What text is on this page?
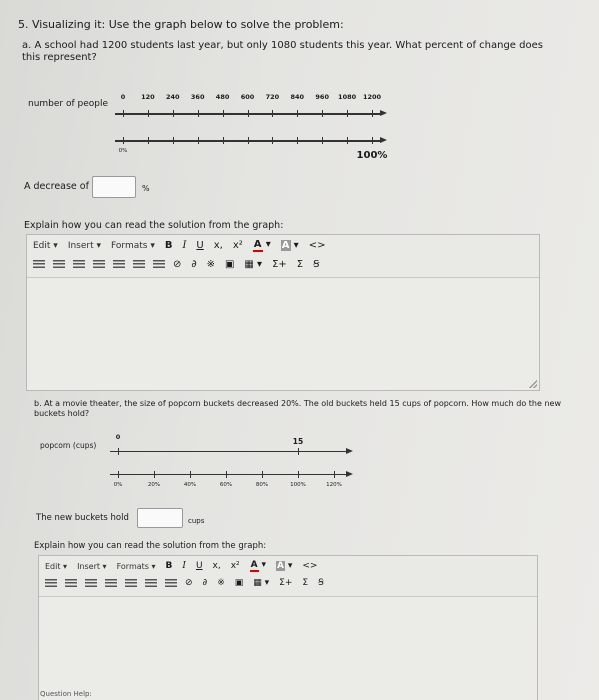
5. Visualizing it: Use the graph below to solve the problem:
a. A school had 1200 students last year, but only 1080 students this year. What percent of change does this represent?
number of people
0 120 240 360 480 600 720 840 960 1080 1200
0%	100%
A decrease of	%
Explain how you can read the solution from the graph:
Edit ▾ Insert ▾ Formats ▾ B I U x, x² A ▾ A ▾ <>
⊘ ∂ ※ ▣ ▦ ▾ Σ+ Σ Ꞩ
b. At a movie theater, the size of popcorn buckets decreased 20%. The old buckets held 15 cups of popcorn. How much do the new buckets hold?
popcorn (cups)
0	15
0%	20%	40%	60%	80%	100%	120%
The new buckets hold	cups
Explain how you can read the solution from the graph:
Edit ▾ Insert ▾ Formats ▾ B I U x, x² A ▾ A ▾ <>
⊘ ∂ ※ ▣ ▦ ▾ Σ+ Σ Ꞩ
Question Help:
